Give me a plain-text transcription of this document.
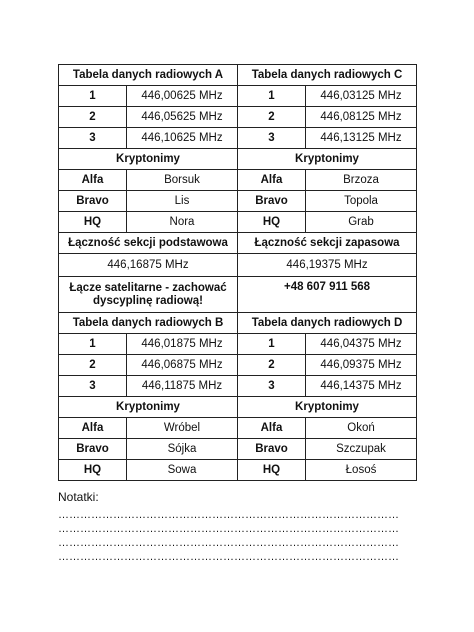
Tabela danych radiowych A		Tabela danych radiowych C	
1	446,00625 MHz	1	446,03125 MHz
2	446,05625 MHz	2	446,08125 MHz
3	446,10625 MHz	3	446,13125 MHz
Kryptonimy		Kryptonimy	
Alfa	Borsuk	Alfa	Brzoza
Bravo	Lis	Bravo	Topola
HQ	Nora	HQ	Grab
Łączność sekcji podstawowa		Łączność sekcji zapasowa	
446,16875 MHz		446,19375 MHz	
Łącze satelitarne - zachować dyscyplinę radiową!		+48 607 911 568	
Tabela danych radiowych B		Tabela danych radiowych D	
1	446,01875 MHz	1	446,04375 MHz
2	446,06875 MHz	2	446,09375 MHz
3	446,11875 MHz	3	446,14375 MHz
Kryptonimy		Kryptonimy	
Alfa	Wróbel	Alfa	Okoń
Bravo	Sójka	Bravo	Szczupak
HQ	Sowa	HQ	Łosoś
Notatki:
…………………………………………………………………………………
…………………………………………………………………………………
…………………………………………………………………………………
…………………………………………………………………………………
